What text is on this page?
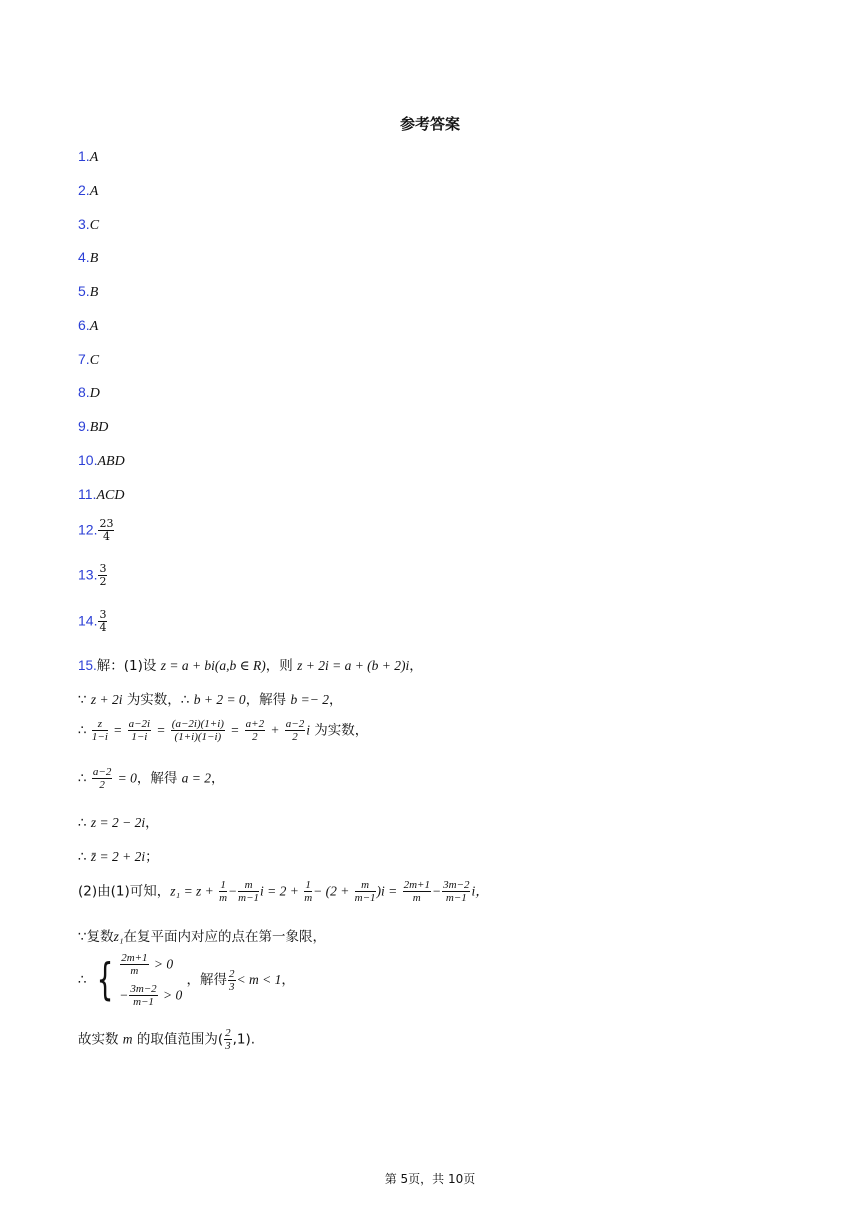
参考答案
1.A
2.A
3.C
4.B
5.B
6.A
7.C
8.D
9.BD
10.ABD
11.ACD
12. $\frac{23}{4}$
13. $\frac{3}{2}$
14. $\frac{3}{4}$
15.解：(1)设 z = a + bi(a,b ∈ R)，则 z + 2i = a + (b + 2)i，
∵ z + 2i 为实数，∴ b + 2 = 0，解得 b =− 2，
∴ $\frac{z}{1-i} = \frac{a-2i}{1-i} = \frac{(a-2i)(1+i)}{(1+i)(1-i)} = \frac{a+2}{2} + \frac{a-2}{2}$ i 为实数，
∴ $\frac{a-2}{2} = 0$，解得 a = 2，
∴ z = 2 − 2i，
∴ z̄ = 2 + 2i；
(2)由(1)可知，$z_1 = z + \frac{1}{m} - \frac{m}{m-1}$ $i = 2 + \frac{1}{m} - (2 + \frac{m}{m-1} )i = \frac{2m+1}{m} - \frac{3m-2}{m-1}$ i，
∵复数z₁在复平面内对应的点在第一象限，
∴ { $\frac{2m+1}{m} > 0$
− $\frac{3m-2}{m-1} > 0$
，解得 $\frac{2}{3} < m < 1$，
故实数 m 的取值范围为( $\frac{2}{3} ,1$).
第 5页，共 10页
